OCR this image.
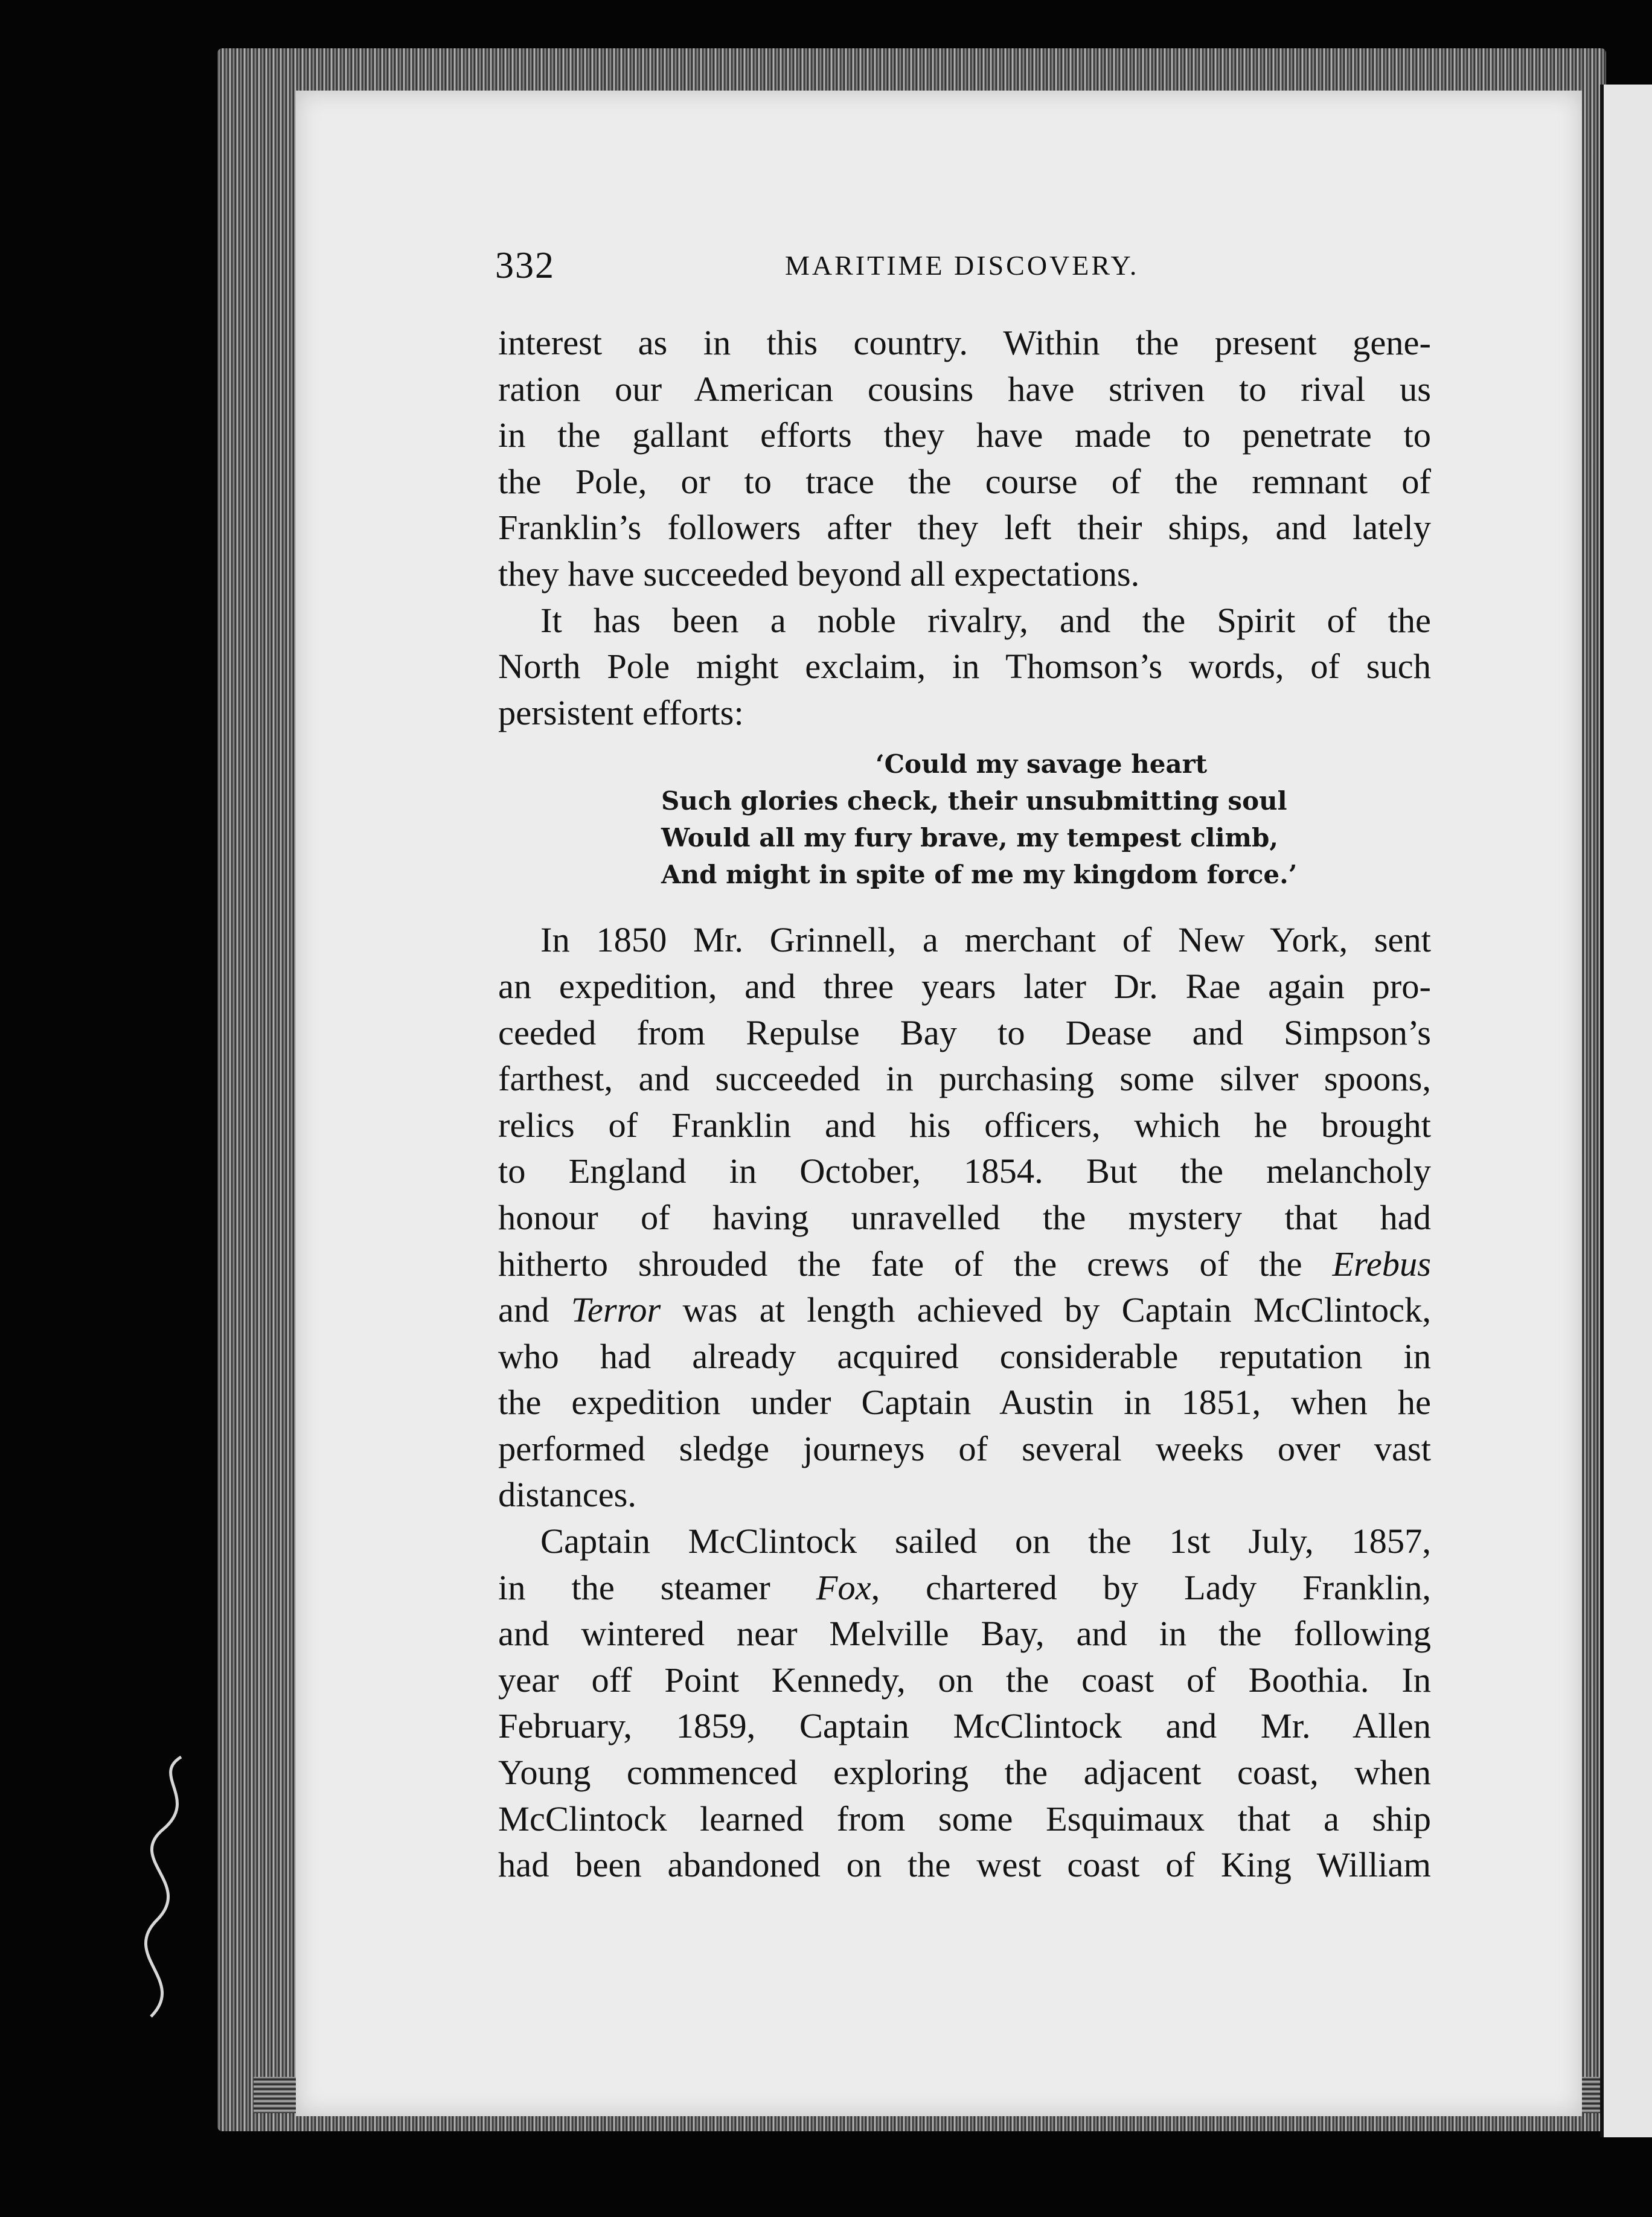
332	MARITIME DISCOVERY.
interest as in this country. Within the present gene-
ration our American cousins have striven to rival us
in the gallant efforts they have made to penetrate to
the Pole, or to trace the course of the remnant of
Franklin’s followers after they left their ships, and lately
they have succeeded beyond all expectations.
It has been a noble rivalry, and the Spirit of the
North Pole might exclaim, in Thomson’s words, of such
persistent efforts:
‘Could my savage heart
Such glories check, their unsubmitting soul
Would all my fury brave, my tempest climb,
And might in spite of me my kingdom force.’
In 1850 Mr. Grinnell, a merchant of New York, sent
an expedition, and three years later Dr. Rae again pro-
ceeded from Repulse Bay to Dease and Simpson’s
farthest, and succeeded in purchasing some silver spoons,
relics of Franklin and his officers, which he brought
to England in October, 1854. But the melancholy
honour of having unravelled the mystery that had
hitherto shrouded the fate of the crews of the Erebus
and Terror was at length achieved by Captain McClintock,
who had already acquired considerable reputation in
the expedition under Captain Austin in 1851, when he
performed sledge journeys of several weeks over vast
distances.
Captain McClintock sailed on the 1st July, 1857,
in the steamer Fox, chartered by Lady Franklin,
and wintered near Melville Bay, and in the following
year off Point Kennedy, on the coast of Boothia. In
February, 1859, Captain McClintock and Mr. Allen
Young commenced exploring the adjacent coast, when
McClintock learned from some Esquimaux that a ship
had been abandoned on the west coast of King William
